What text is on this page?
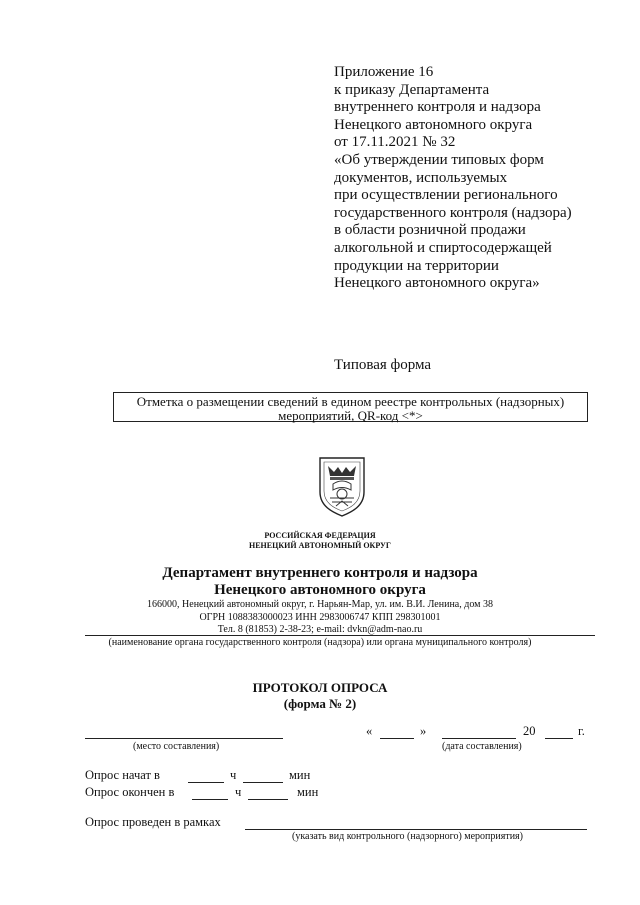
Приложение 16
к приказу Департамента
внутреннего контроля и надзора
Ненецкого автономного округа
от 17.11.2021 № 32
«Об утверждении типовых форм
документов, используемых
при осуществлении регионального
государственного контроля (надзора)
в области розничной продажи
алкогольной и спиртосодержащей
продукции на территории
Ненецкого автономного округа»
Типовая форма
Отметка о размещении сведений в едином реестре контрольных (надзорных)
мероприятий, QR-код <*>
РОССИЙСКАЯ ФЕДЕРАЦИЯ
НЕНЕЦКИЙ АВТОНОМНЫЙ ОКРУГ
Департамент внутреннего контроля и надзора
Ненецкого автономного округа
166000, Ненецкий автономный округ, г. Нарьян-Мар, ул. им. В.И. Ленина, дом 38
ОГРН 1088383000023 ИНН 2983006747 КПП 298301001
Тел. 8 (81853) 2-38-23; e-mail: dvkn@adm-nao.ru
(наименование органа государственного контроля (надзора) или органа муниципального контроля)
ПРОТОКОЛ ОПРОСА
(форма № 2)
(место составления)
«	»	20	г.
(дата составления)
Опрос начат в	ч	мин
Опрос окончен в	ч	мин
Опрос проведен в рамках
(указать вид контрольного (надзорного) мероприятия)
